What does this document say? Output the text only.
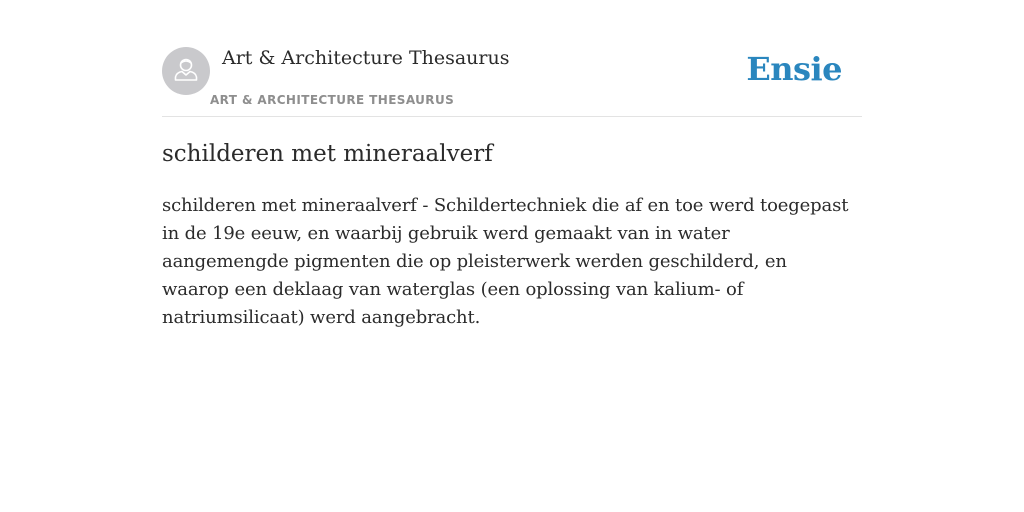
Art & Architecture Thesaurus
ART & ARCHITECTURE THESAURUS
Ensie
schilderen met mineraalverf

schilderen met mineraalverf - Schildertechniek die af en toe werd toegepast in de 19e eeuw, en waarbij gebruik werd gemaakt van in water aangemengde pigmenten die op pleisterwerk werden geschilderd, en waarop een deklaag van waterglas (een oplossing van kalium- of natriumsilicaat) werd aangebracht.
